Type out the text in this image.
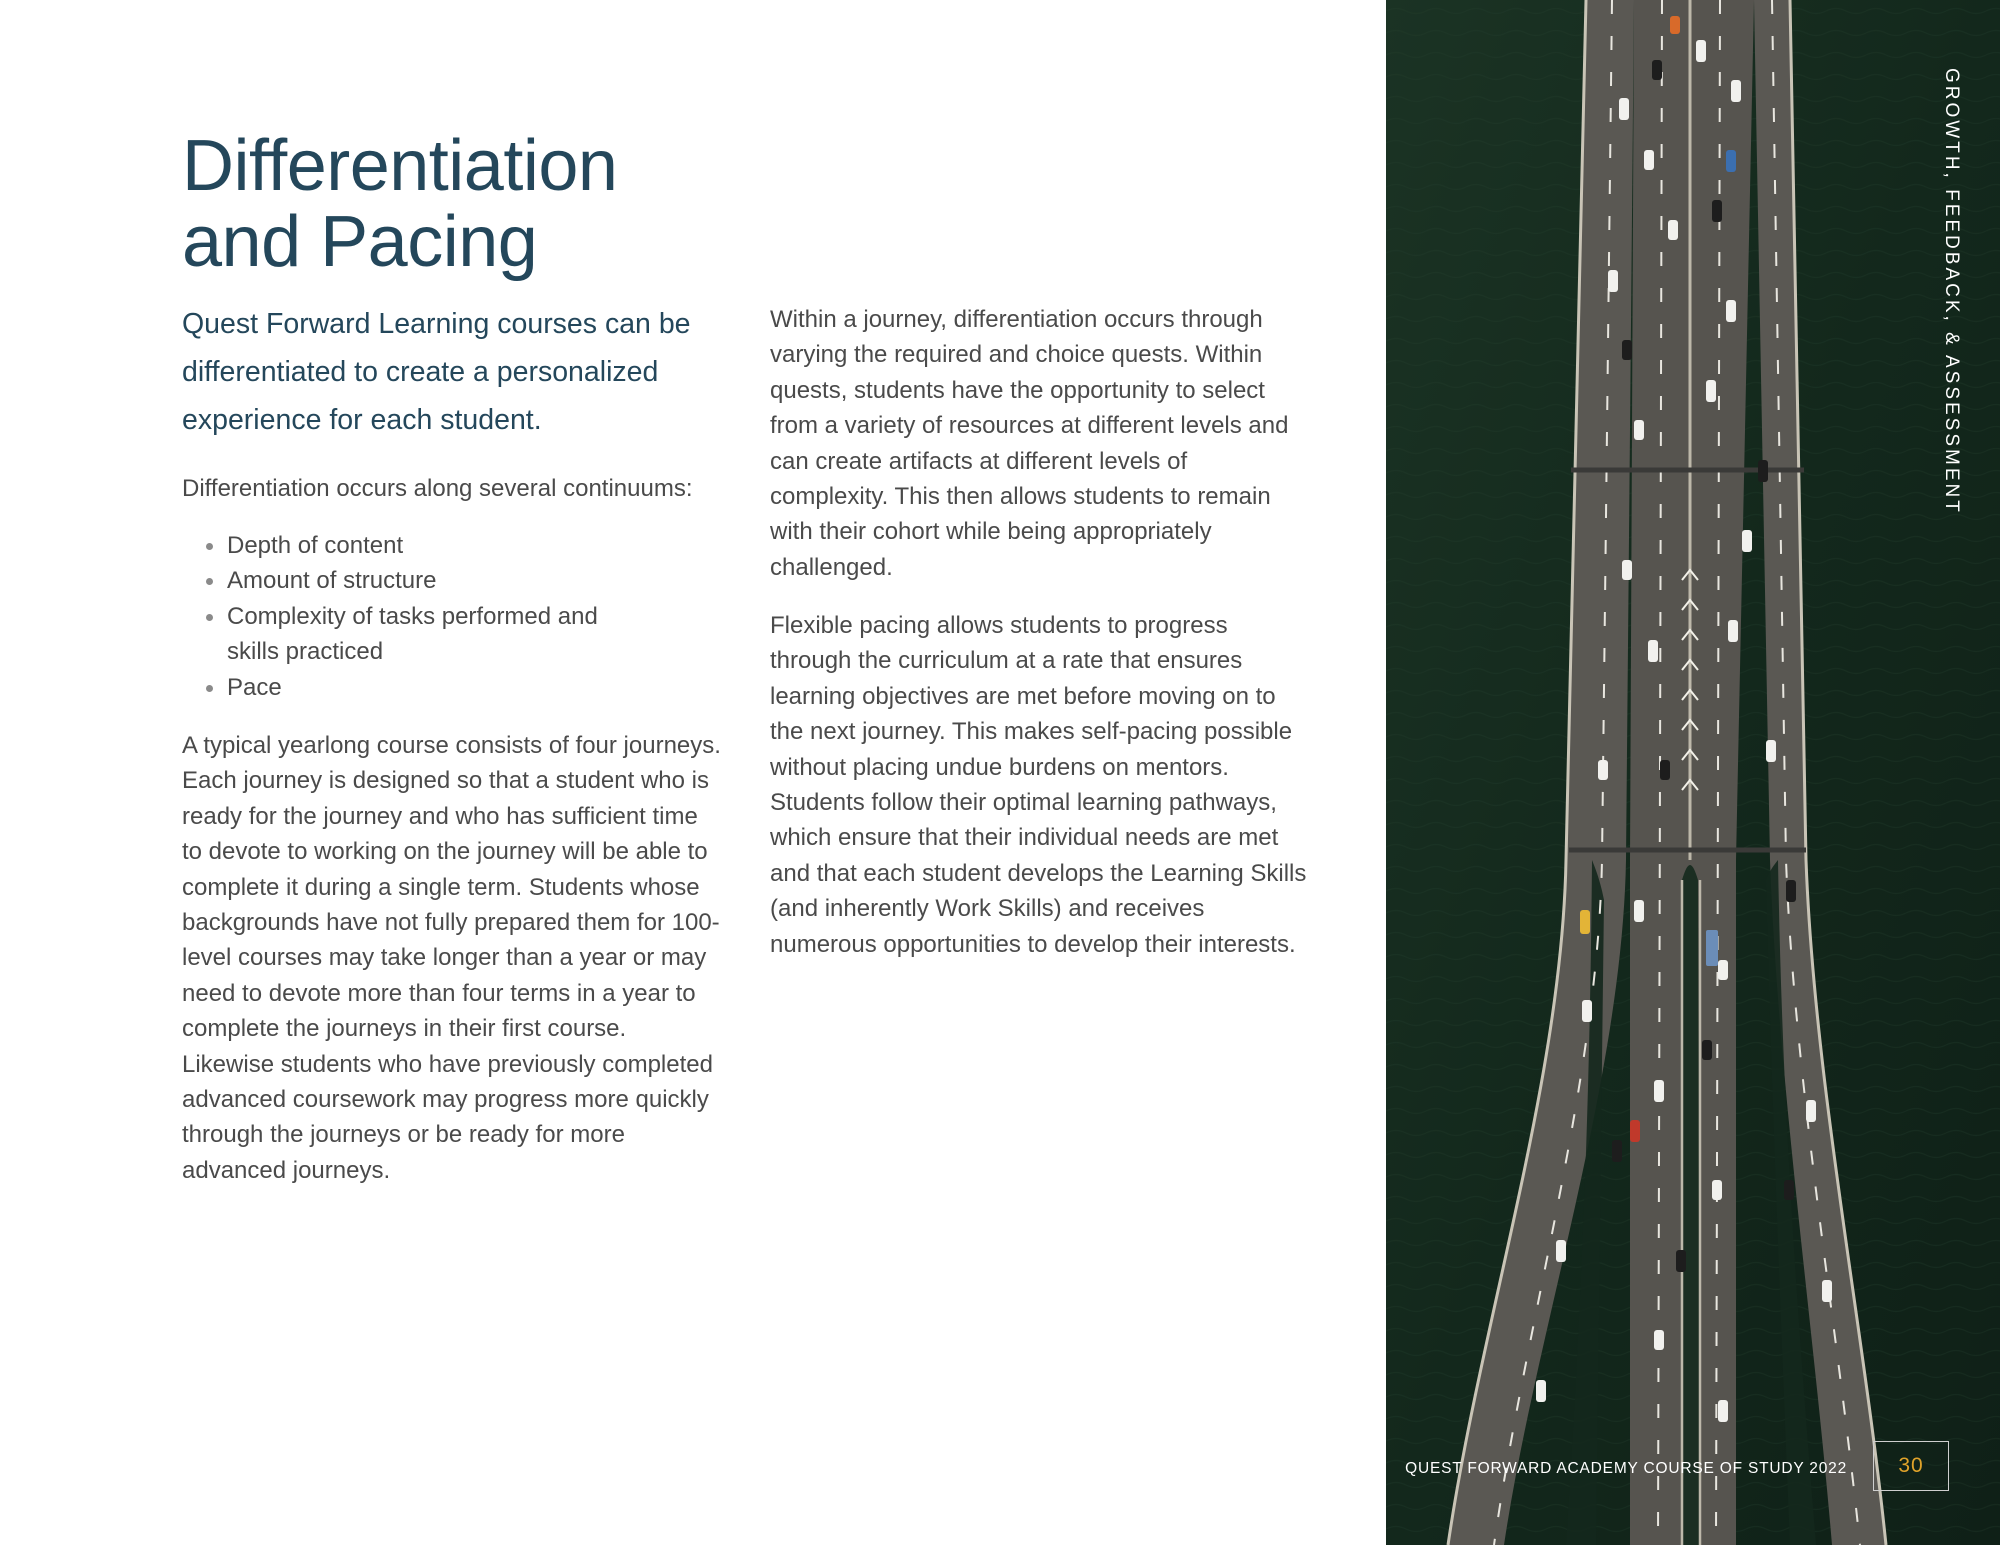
Differentiation
and Pacing

Quest Forward Learning courses can be differentiated to create a personalized experience for each student.

Differentiation occurs along several continuums:

Depth of content
Amount of structure
Complexity of tasks performed and skills practiced
Pace

A typical yearlong course consists of four journeys. Each journey is designed so that a student who is ready for the journey and who has sufficient time to devote to working on the journey will be able to complete it during a single term. Students whose backgrounds have not fully prepared them for 100-level courses may take longer than a year or may need to devote more than four terms in a year to complete the journeys in their first course. Likewise students who have previously completed advanced coursework may progress more quickly through the journeys or be ready for more advanced journeys.

Within a journey, differentiation occurs through varying the required and choice quests. Within quests, students have the opportunity to select from a variety of resources at different levels and can create artifacts at different levels of complexity. This then allows students to remain with their cohort while being appropriately challenged.

Flexible pacing allows students to progress through the curriculum at a rate that ensures learning objectives are met before moving on to the next journey. This makes self-pacing possible without placing undue burdens on mentors. Students follow their optimal learning pathways, which ensure that their individual needs are met and that each student develops the Learning Skills (and inherently Work Skills) and receives numerous opportunities to develop their interests.

GROWTH, FEEDBACK, & ASSESSMENT
QUEST FORWARD ACADEMY COURSE OF STUDY 2022	30
